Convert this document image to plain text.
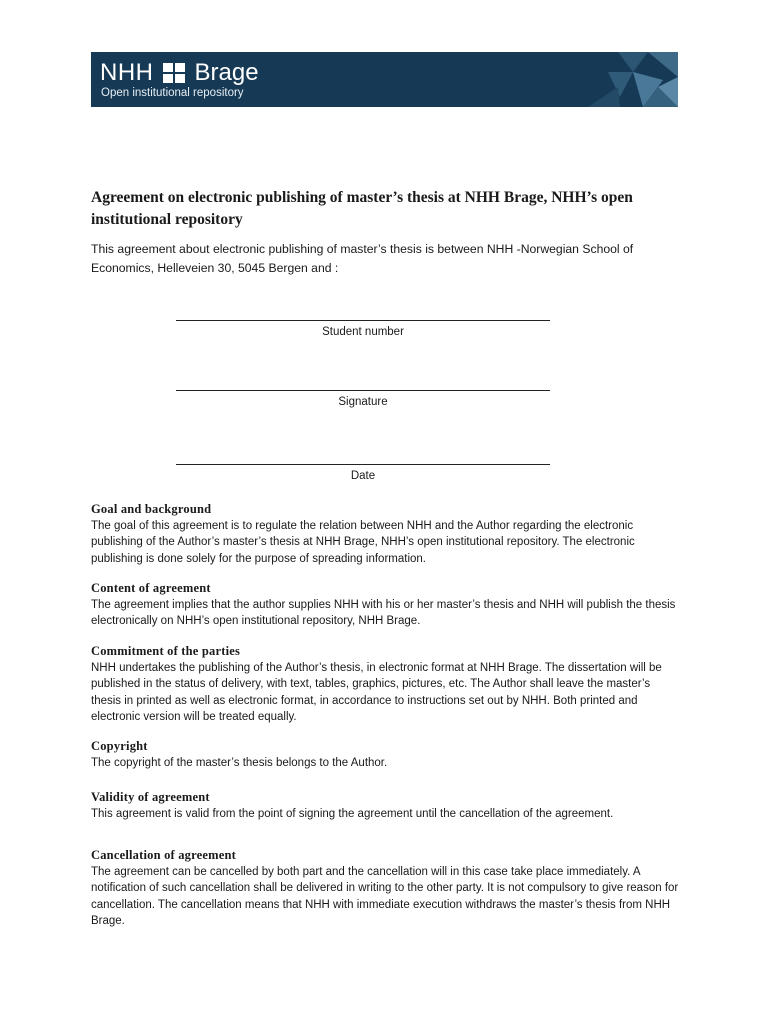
NHH Brage
Open institutional repository
Agreement on electronic publishing of master’s thesis at NHH Brage, NHH’s open institutional repository

This agreement about electronic publishing of master’s thesis is between NHH -Norwegian School of Economics, Helleveien 30, 5045 Bergen and :

Student number
Signature
Date
Goal and background

The goal of this agreement is to regulate the relation between NHH and the Author regarding the electronic publishing of the Author’s master’s thesis at NHH Brage, NHH’s open institutional repository. The electronic publishing is done solely for the purpose of spreading information.

Content of agreement

The agreement implies that the author supplies NHH with his or her master’s thesis and NHH will publish the thesis electronically on NHH’s open institutional repository, NHH Brage.

Commitment of the parties

NHH undertakes the publishing of the Author’s thesis, in electronic format at NHH Brage. The dissertation will be published in the status of delivery, with text, tables, graphics, pictures, etc. The Author shall leave the master’s thesis in printed as well as electronic format, in accordance to instructions set out by NHH. Both printed and electronic version will be treated equally.

Copyright

The copyright of the master’s thesis belongs to the Author.

Validity of agreement

This agreement is valid from the point of signing the agreement until the cancellation of the agreement.

Cancellation of agreement

The agreement can be cancelled by both part and the cancellation will in this case take place immediately. A notification of such cancellation shall be delivered in writing to the other party. It is not compulsory to give reason for cancellation. The cancellation means that NHH with immediate execution withdraws the master’s thesis from NHH Brage.
